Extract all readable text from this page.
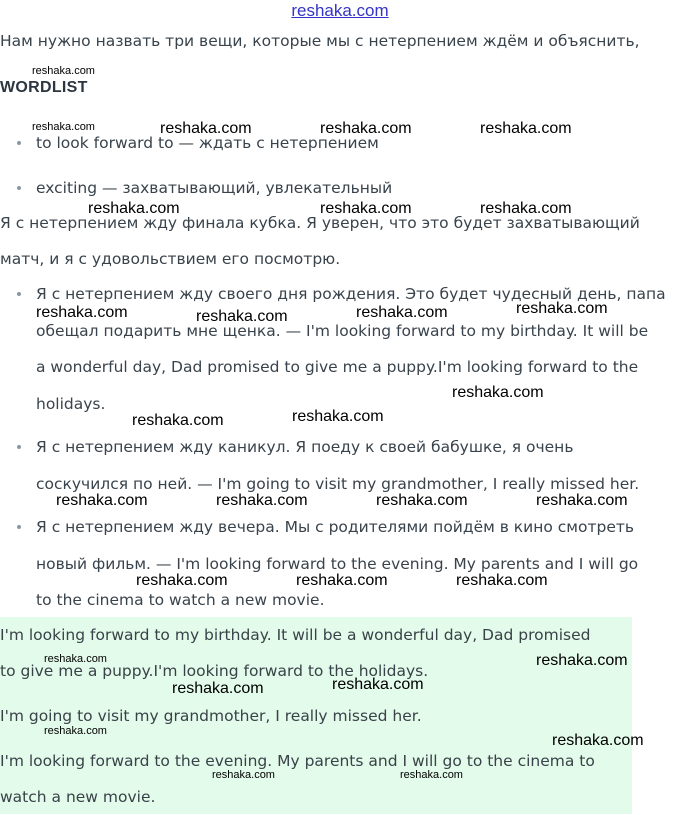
reshaka.com
Нам нужно назвать три вещи, которые мы с нетерпением ждём и объяснить,
WORDLIST
to look forward to — ждать с нетерпением
exciting — захватывающий, увлекательный
Я с нетерпением жду финала кубка. Я уверен, что это будет захватывающий
матч, и я с удовольствием его посмотрю.
Я с нетерпением жду своего дня рождения. Это будет чудесный день, папа
обещал подарить мне щенка. — I'm looking forward to my birthday. It will be
a wonderful day, Dad promised to give me a puppy.I'm looking forward to the
holidays.
Я с нетерпением жду каникул. Я поеду к своей бабушке, я очень
соскучился по ней. — I'm going to visit my grandmother, I really missed her.
Я с нетерпением жду вечера. Мы с родителями пойдём в кино смотреть
новый фильм. — I'm looking forward to the evening. My parents and I will go
to the cinema to watch a new movie.
I'm looking forward to my birthday. It will be a wonderful day, Dad promised
to give me a puppy.I'm looking forward to the holidays.
I'm going to visit my grandmother, I really missed her.
I'm looking forward to the evening. My parents and I will go to the cinema to
watch a new movie.
reshaka.com
reshaka.com	reshaka.com	reshaka.com	reshaka.com
reshaka.com	reshaka.com	reshaka.com
reshaka.com	reshaka.com	reshaka.com	reshaka.com
reshaka.com
reshaka.com	reshaka.com
reshaka.com	reshaka.com	reshaka.com	reshaka.com
reshaka.com	reshaka.com	reshaka.com
reshaka.com	reshaka.com
reshaka.com	reshaka.com
reshaka.com
reshaka.com
reshaka.com	reshaka.com
